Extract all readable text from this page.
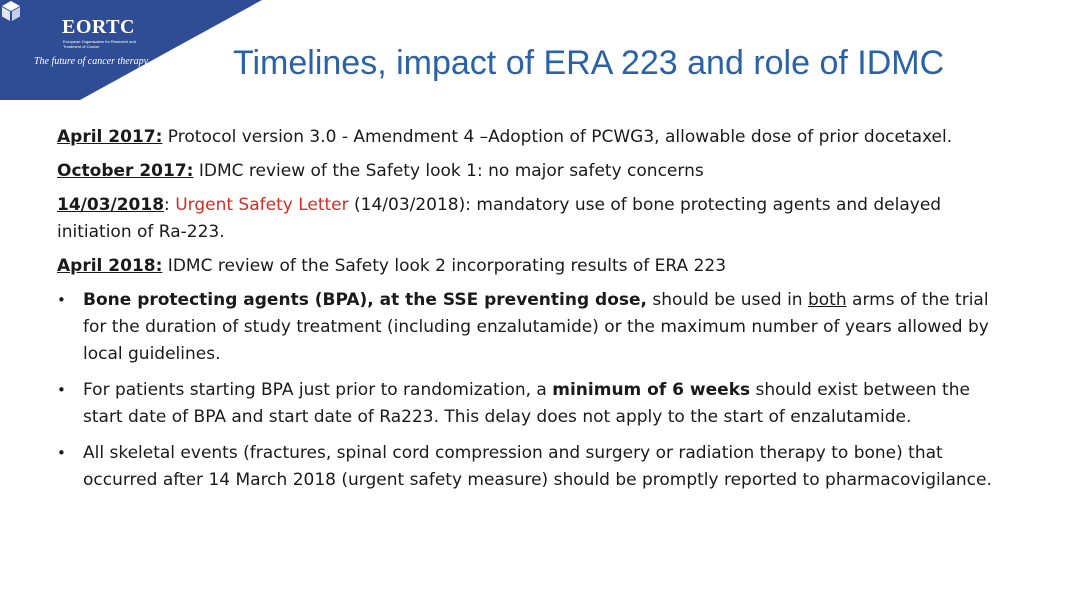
EORTC
European Organisation for Research and Treatment of Cancer
The future of cancer therapy Timelines, impact of ERA 223 and role of IDMC

April 2017: Protocol version 3.0 - Amendment 4 –Adoption of PCWG3, allowable dose of prior docetaxel.

October 2017: IDMC review of the Safety look 1: no major safety concerns

14/03/2018: Urgent Safety Letter (14/03/2018): mandatory use of bone protecting agents and delayed initiation of Ra-223.

April 2018: IDMC review of the Safety look 2 incorporating results of ERA 223

• Bone protecting agents (BPA), at the SSE preventing dose, should be used in both arms of the trial for the duration of study treatment (including enzalutamide) or the maximum number of years allowed by local guidelines.
• For patients starting BPA just prior to randomization, a minimum of 6 weeks should exist between the start date of BPA and start date of Ra223. This delay does not apply to the start of enzalutamide.
• All skeletal events (fractures, spinal cord compression and surgery or radiation therapy to bone) that occurred after 14 March 2018 (urgent safety measure) should be promptly reported to pharmacovigilance.
